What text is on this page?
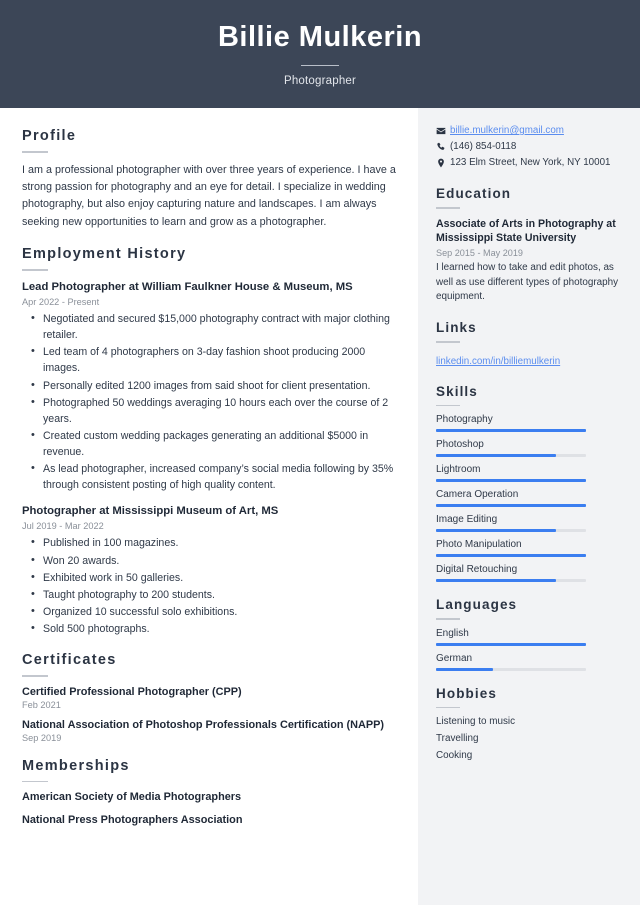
Billie Mulkerin
Photographer
Profile
I am a professional photographer with over three years of experience. I have a strong passion for photography and an eye for detail. I specialize in wedding photography, but also enjoy capturing nature and landscapes. I am always seeking new opportunities to learn and grow as a photographer.
Employment History
Lead Photographer at William Faulkner House & Museum, MS
Apr 2022 - Present
• Negotiated and secured $15,000 photography contract with major clothing retailer.
• Led team of 4 photographers on 3-day fashion shoot producing 2000 images.
• Personally edited 1200 images from said shoot for client presentation.
• Photographed 50 weddings averaging 10 hours each over the course of 2 years.
• Created custom wedding packages generating an additional $5000 in revenue.
• As lead photographer, increased company’s social media following by 35% through consistent posting of high quality content.
Photographer at Mississippi Museum of Art, MS
Jul 2019 - Mar 2022
• Published in 100 magazines.
• Won 20 awards.
• Exhibited work in 50 galleries.
• Taught photography to 200 students.
• Organized 10 successful solo exhibitions.
• Sold 500 photographs.
Certificates
Certified Professional Photographer (CPP)
Feb 2021
National Association of Photoshop Professionals Certification (NAPP)
Sep 2019
Memberships
American Society of Media Photographers
National Press Photographers Association
billie.mulkerin@gmail.com
(146) 854-0118
123 Elm Street, New York, NY 10001
Education
Associate of Arts in Photography at Mississippi State University
Sep 2015 - May 2019
I learned how to take and edit photos, as well as use different types of photography equipment.
Links
linkedin.com/in/billiemulkerin
Skills
Photography
Photoshop
Lightroom
Camera Operation
Image Editing
Photo Manipulation
Digital Retouching
Languages
English
German
Hobbies
Listening to music
Travelling
Cooking
